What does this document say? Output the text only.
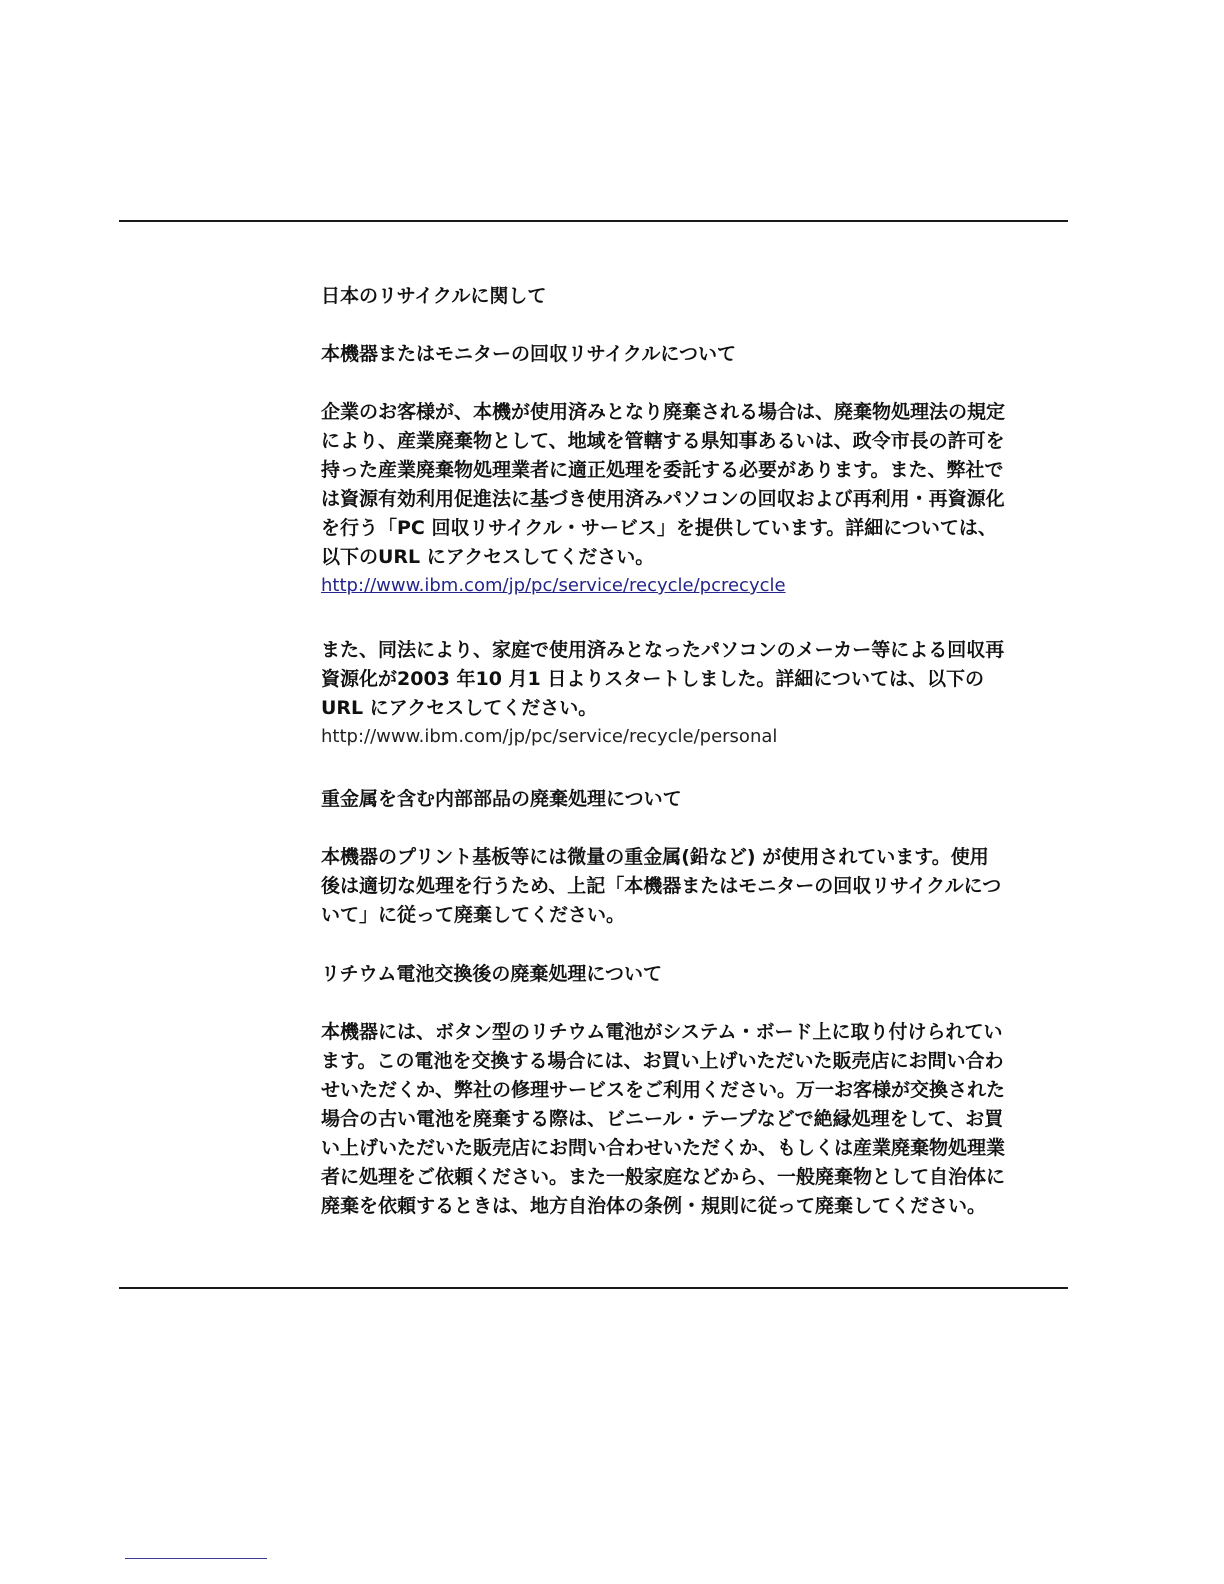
日本のリサイクルに関して

本機器またはモニターの回収リサイクルについて

企業のお客様が、本機が使用済みとなり廃棄される場合は、廃棄物処理法の規定
により、産業廃棄物として、地域を管轄する県知事あるいは、政令市長の許可を
持った産業廃棄物処理業者に適正処理を委託する必要があります。また、弊社で
は資源有効利用促進法に基づき使用済みパソコンの回収および再利用・再資源化
を行う「PC 回収リサイクル・サービス」を提供しています。詳細については、
以下のURL にアクセスしてください。
http://www.ibm.com/jp/pc/service/recycle/pcrecycle
また、同法により、家庭で使用済みとなったパソコンのメーカー等による回収再
資源化が2003 年10 月1 日よりスタートしました。詳細については、以下の
URL にアクセスしてください。
http://www.ibm.com/jp/pc/service/recycle/personal

重金属を含む内部部品の廃棄処理について

本機器のプリント基板等には微量の重金属(鉛など) が使用されています。使用
後は適切な処理を行うため、上記「本機器またはモニターの回収リサイクルにつ
いて」に従って廃棄してください。

リチウム電池交換後の廃棄処理について

本機器には、ボタン型のリチウム電池がシステム・ボード上に取り付けられてい
ます。この電池を交換する場合には、お買い上げいただいた販売店にお問い合わ
せいただくか、弊社の修理サービスをご利用ください。万一お客様が交換された
場合の古い電池を廃棄する際は、ビニール・テープなどで絶縁処理をして、お買
い上げいただいた販売店にお問い合わせいただくか、もしくは産業廃棄物処理業
者に処理をご依頼ください。また一般家庭などから、一般廃棄物として自治体に
廃棄を依頼するときは、地方自治体の条例・規則に従って廃棄してください。
